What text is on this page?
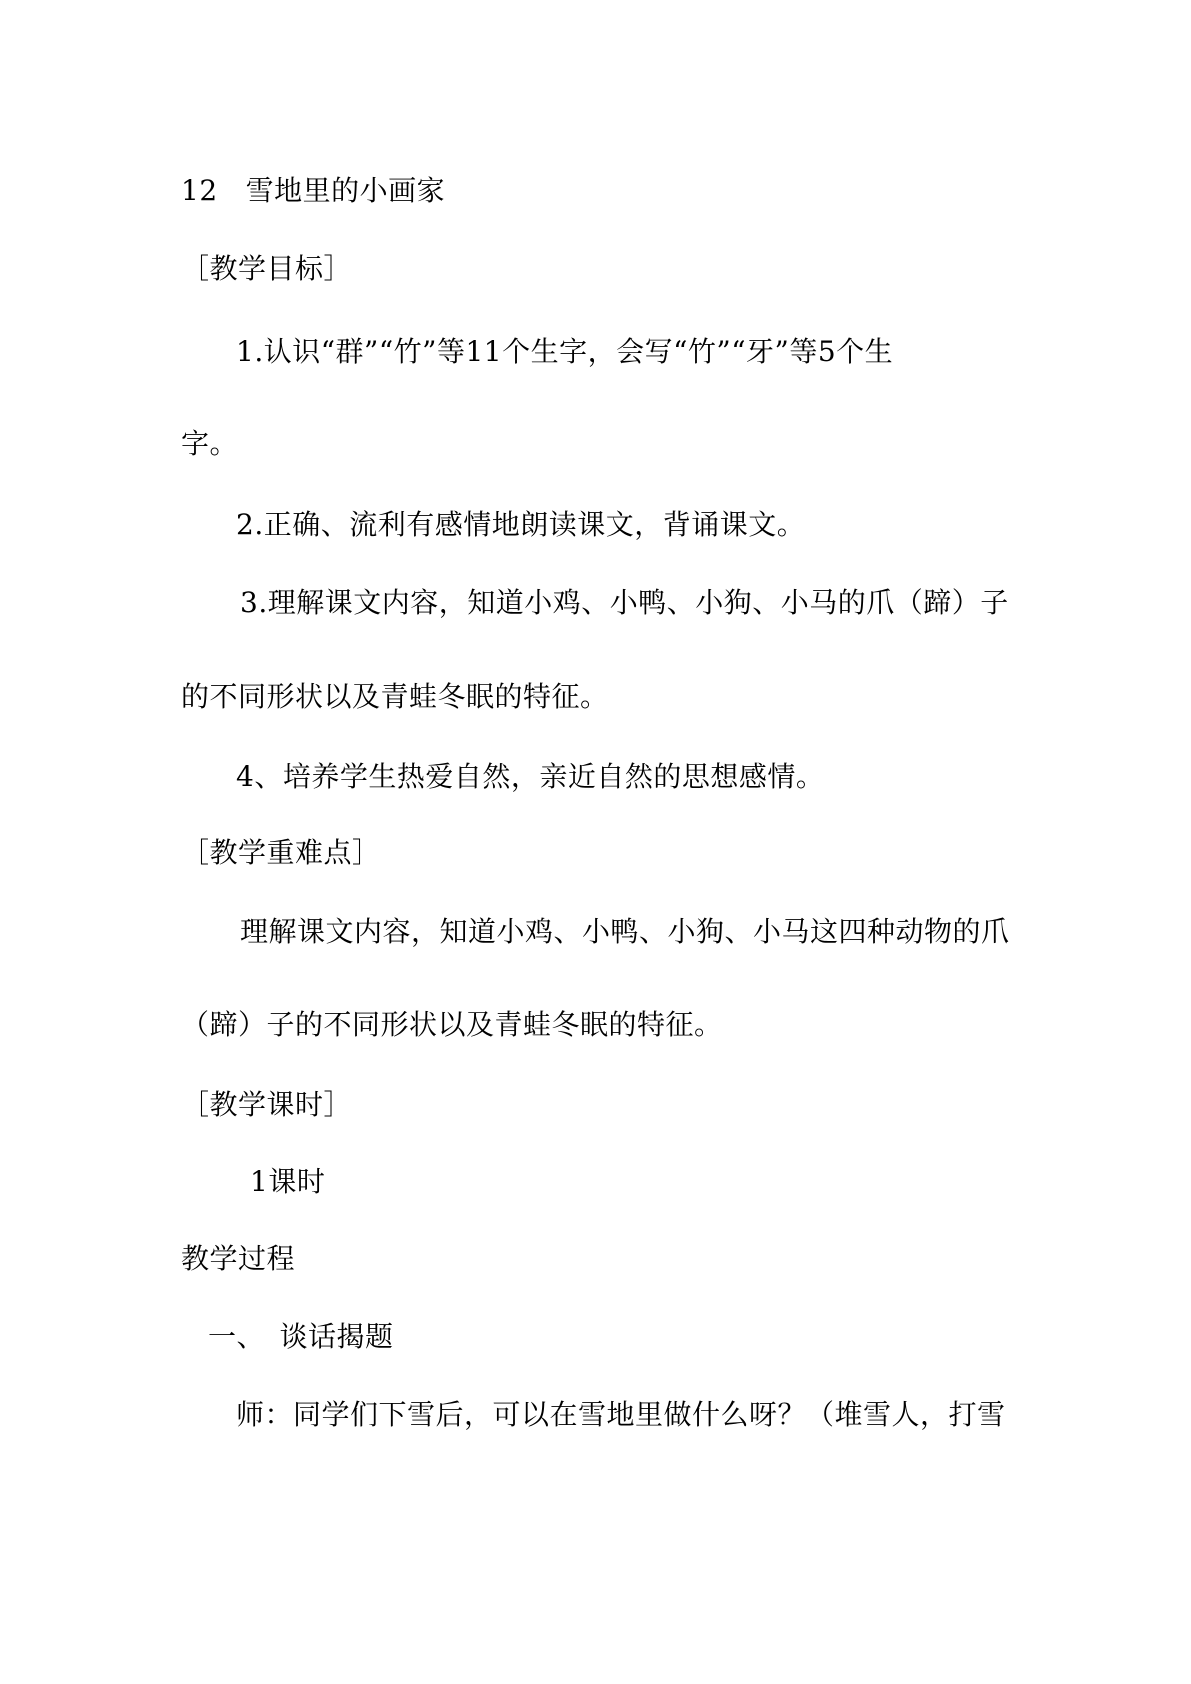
12 雪地里的小画家
［教学目标］
1.认识“群”“竹”等11个生字，会写“竹”“牙”等5个生
字。
2.正确、流利有感情地朗读课文，背诵课文。
3.理解课文内容，知道小鸡、小鸭、小狗、小马的爪（蹄）子
的不同形状以及青蛙冬眠的特征。
4、培养学生热爱自然，亲近自然的思想感情。
［教学重难点］
理解课文内容，知道小鸡、小鸭、小狗、小马这四种动物的爪
（蹄）子的不同形状以及青蛙冬眠的特征。
［教学课时］
1课时
教学过程
一、　谈话揭题
师：同学们下雪后，可以在雪地里做什么呀？（堆雪人，打雪
